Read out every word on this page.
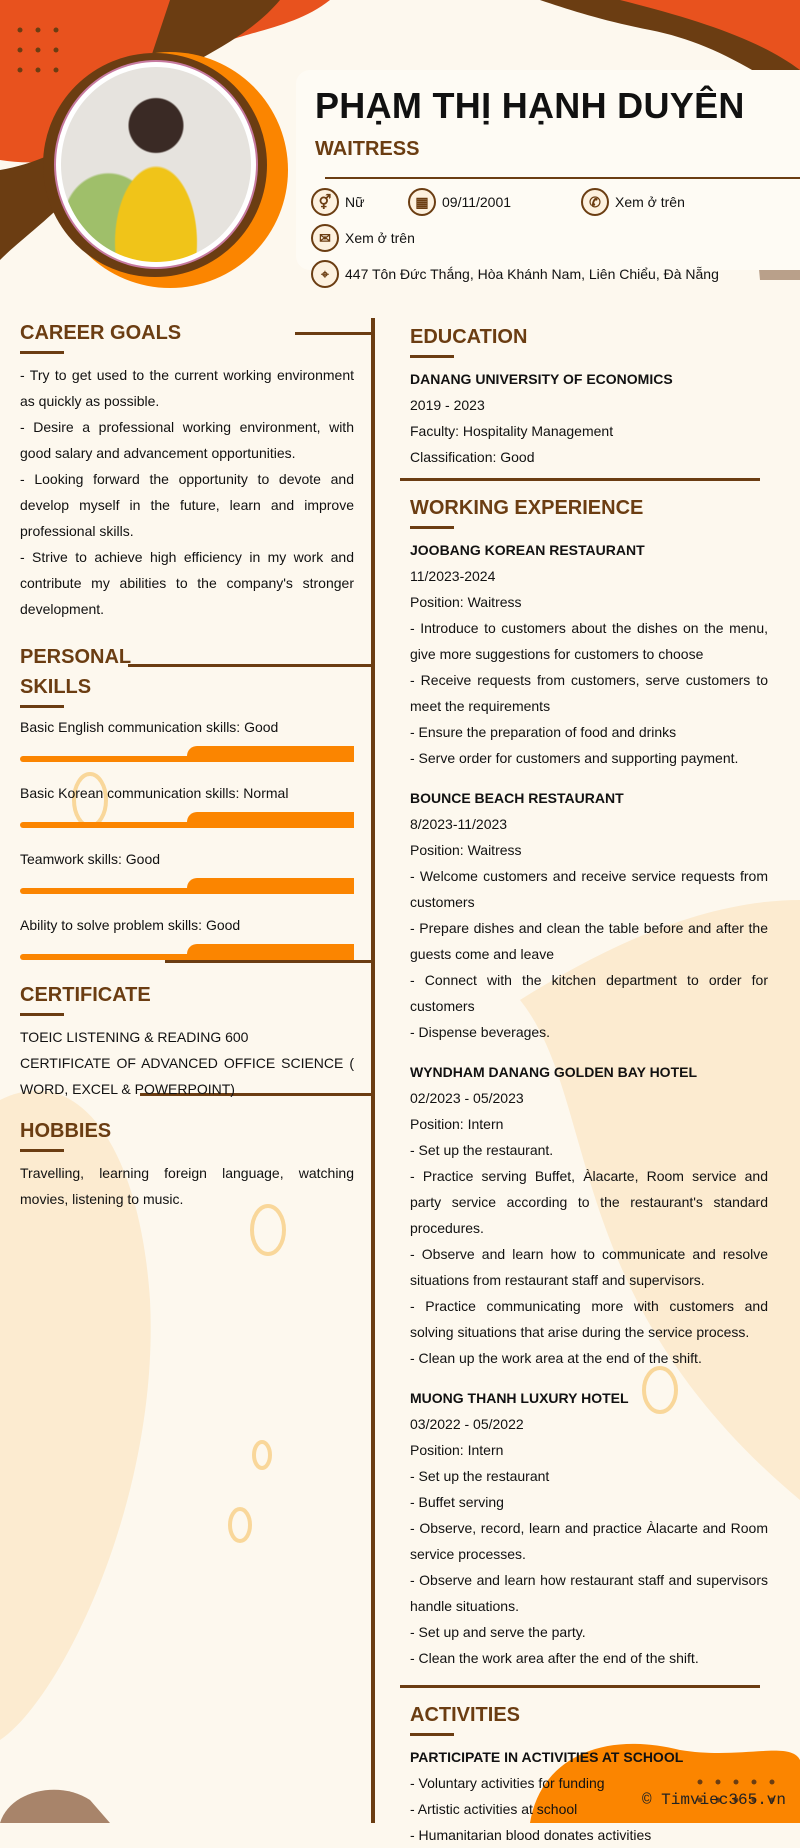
PHẠM THỊ HẠNH DUYÊN
WAITRESS
⚥ Nữ	▦ 09/11/2001	✆	Xem ở trên
✉	Xem ở trên
⌖	447 Tôn Đức Thắng, Hòa Khánh Nam, Liên Chiểu, Đà Nẵng
CAREER GOALS

- Try to get used to the current working environment as quickly as possible.

- Desire a professional working environment, with good salary and advancement opportunities.

- Looking forward the opportunity to devote and develop myself in the future, learn and improve professional skills.

- Strive to achieve high efficiency in my work and contribute my abilities to the company's stronger development.

PERSONAL
SKILLS
Basic English communication skills: Good
Basic Korean communication skills: Normal
Teamwork skills: Good
Ability to solve problem skills: Good
CERTIFICATE

TOEIC LISTENING & READING 600

CERTIFICATE OF ADVANCED OFFICE SCIENCE ( WORD, EXCEL & POWERPOINT)

HOBBIES

Travelling, learning foreign language, watching movies, listening to music.

EDUCATION
DANANG UNIVERSITY OF ECONOMICS

2019 - 2023

Faculty: Hospitality Management

Classification: Good

WORKING EXPERIENCE
JOOBANG KOREAN RESTAURANT

11/2023-2024

Position: Waitress

- Introduce to customers about the dishes on the menu, give more suggestions for customers to choose

- Receive requests from customers, serve customers to meet the requirements

- Ensure the preparation of food and drinks

- Serve order for customers and supporting payment.

BOUNCE BEACH RESTAURANT

8/2023-11/2023

Position: Waitress

- Welcome customers and receive service requests from customers

- Prepare dishes and clean the table before and after the guests come and leave

- Connect with the kitchen department to order for customers

- Dispense beverages.

WYNDHAM DANANG GOLDEN BAY HOTEL

02/2023 - 05/2023

Position: Intern

- Set up the restaurant.

- Practice serving Buffet, Àlacarte, Room service and party service according to the restaurant's standard procedures.

- Observe and learn how to communicate and resolve situations from restaurant staff and supervisors.

- Practice communicating more with customers and solving situations that arise during the service process.

- Clean up the work area at the end of the shift.

MUONG THANH LUXURY HOTEL

03/2022 - 05/2022

Position: Intern

- Set up the restaurant

- Buffet serving

- Observe, record, learn and practice Àlacarte and Room service processes.

- Observe and learn how restaurant staff and supervisors handle situations.

- Set up and serve the party.

- Clean the work area after the end of the shift.

ACTIVITIES
PARTICIPATE IN ACTIVITIES AT SCHOOL

- Voluntary activities for funding

- Artistic activities at school

- Humanitarian blood donates activities

© Timviec365.vn
